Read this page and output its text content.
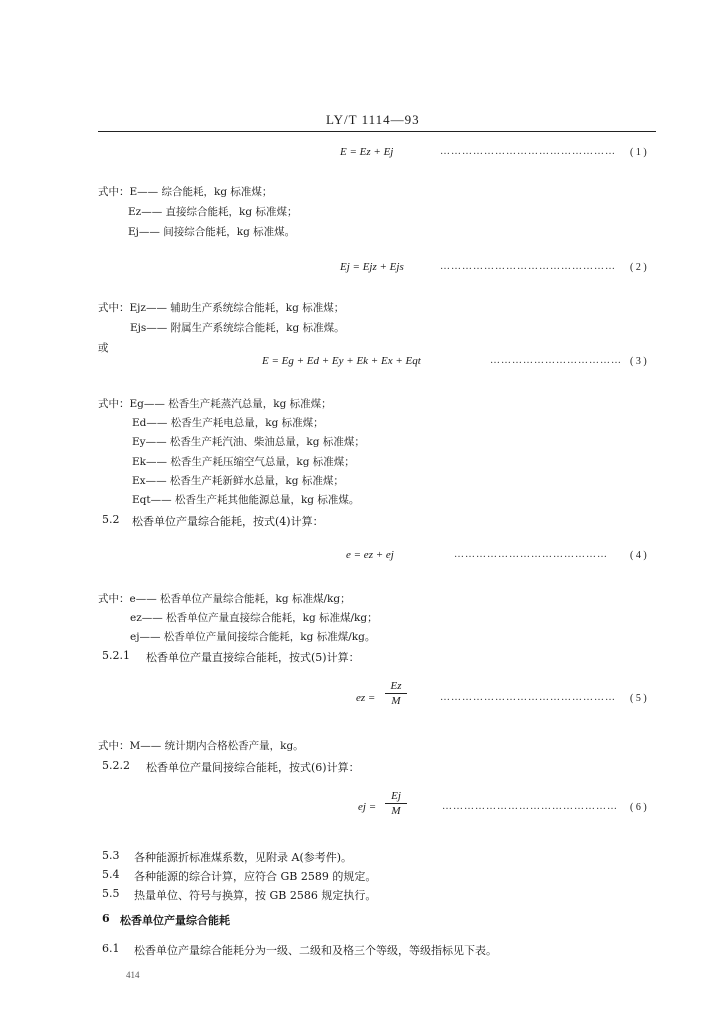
LY/T 1114—93
E = Ez + Ej	………………………………………… ( 1 )
式中：E—— 综合能耗，kg 标准煤；
Ez—— 直接综合能耗，kg 标准煤；
Ej—— 间接综合能耗，kg 标准煤。
Ej = Ejz + Ejs	………………………………………… ( 2 )
式中：Ejz—— 辅助生产系统综合能耗，kg 标准煤；
Ejs—— 附属生产系统综合能耗，kg 标准煤。
或
E = Eg + Ed + Ey + Ek + Ex + Eqt	……………………………… ( 3 )
式中：Eg—— 松香生产耗蒸汽总量，kg 标准煤；
Ed—— 松香生产耗电总量，kg 标准煤；
Ey—— 松香生产耗汽油、柴油总量，kg 标准煤；
Ek—— 松香生产耗压缩空气总量，kg 标准煤；
Ex—— 松香生产耗新鲜水总量，kg 标准煤；
Eqt—— 松香生产耗其他能源总量，kg 标准煤。
5.2 松香单位产量综合能耗，按式(4)计算：
e = ez + ej	…………………………………… ( 4 )
式中：e—— 松香单位产量综合能耗，kg 标准煤/kg；
ez—— 松香单位产量直接综合能耗，kg 标准煤/kg；
ej—— 松香单位产量间接综合能耗，kg 标准煤/kg。
5.2.1 松香单位产量直接综合能耗，按式(5)计算：
ez =
Ez
M	………………………………………… ( 5 )
式中：M—— 统计期内合格松香产量，kg。
5.2.2 松香单位产量间接综合能耗，按式(6)计算：
ej =
Ej
M	………………………………………… ( 6 )
5.3 各种能源折标准煤系数，见附录 A(参考件)。
5.4 各种能源的综合计算，应符合 GB 2589 的规定。
5.5 热量单位、符号与换算，按 GB 2586 规定执行。
6 松香单位产量综合能耗
6.1 松香单位产量综合能耗分为一级、二级和及格三个等级，等级指标见下表。
414
